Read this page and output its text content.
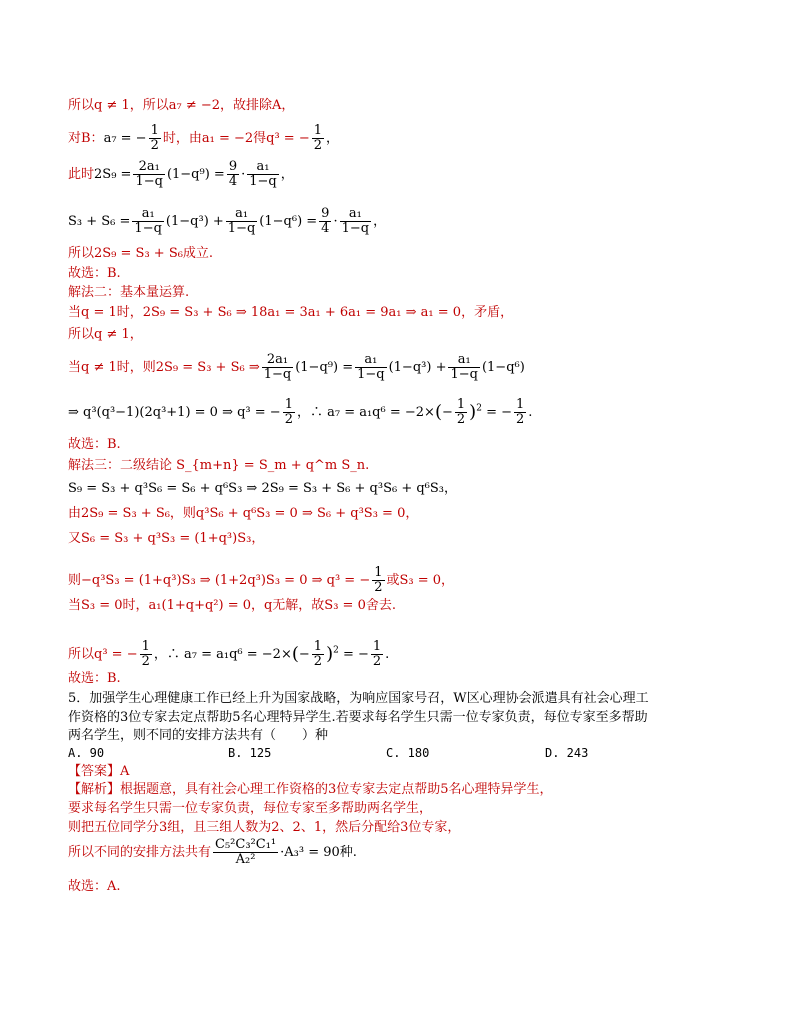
所以q ≠ 1，所以a₇ ≠ −2，故排除A，
对B：a₇ = − $\frac{1}{2}$ 时，由a₁ = −2得q³ = − $\frac{1}{2}$ ，
此时$2S_9 = \frac{\text{2a₁}}{1-q} (1-q^9) = \frac{9}{4} \cdot \frac{\text{a₁}}{1-q}$ ，
$S_3 + S_6 = \frac{\text{a₁}}{1-q} (1-q^3) + \frac{\text{a₁}}{1-q} (1-q^6) = \frac{9}{4} \cdot \frac{\text{a₁}}{1-q}$ ，
所以2S₉ = S₃ + S₆成立.
故选：B.
解法二：基本量运算.
当q = 1时，2S₉ = S₃ + S₆ ⇒ 18a₁ = 3a₁ + 6a₁ = 9a₁ ⇒ a₁ = 0，矛盾，
所以q ≠ 1，
当q ≠ 1时，则2S₉ = S₃ + S₆ ⇒ $\frac{\text{2a₁}}{1-q} (1-q^9) = \frac{\text{a₁}}{1-q} (1-q^3) + \frac{\text{a₁}}{1-q} (1-q^6)$
⇒ q³(q³−1)(2q³+1) = 0 ⇒ q³ = − $\frac{1}{2}$ ，∴ $a_7 = a_1q^6 = -2\times(- \frac{1}{2} )^2$ = − $\frac{1}{2}$ .
故选：B.
解法三：二级结论 S_{m+n} = S_m + q^m S_n.
S₉ = S₃ + q³S₆ = S₆ + q⁶S₃ ⇒ 2S₉ = S₃ + S₆ + q³S₆ + q⁶S₃，
由2S₉ = S₃ + S₆，则q³S₆ + q⁶S₃ = 0 ⇒ S₆ + q³S₃ = 0，
又S₆ = S₃ + q³S₃ = (1+q³)S₃，
则−q³S₃ = (1+q³)S₃ ⇒ (1+2q³)S₃ = 0 ⇒ q³ = − $\frac{1}{2}$ 或S₃ = 0，
当S₃ = 0时，a₁(1+q+q²) = 0，q无解，故S₃ = 0舍去.
所以q³ = − $\frac{1}{2}$ ，∴ $a_7 = a_1q^6 = -2\times(- \frac{1}{2} )^2$ = − $\frac{1}{2}$ .
故选：B.
5．加强学生心理健康工作已经上升为国家战略，为响应国家号召，W区心理协会派遣具有社会心理工
作资格的3位专家去定点帮助5名心理特异学生.若要求每名学生只需一位专家负责，每位专家至多帮助
两名学生，则不同的安排方法共有（　　）种
A. 90	B. 125	C. 180	D. 243
【答案】A
【解析】根据题意，具有社会心理工作资格的3位专家去定点帮助5名心理特异学生，
要求每名学生只需一位专家负责，每位专家至多帮助两名学生，
则把五位同学分3组，且三组人数为2、2、1，然后分配给3位专家，
所以不同的安排方法共有 $\frac{\text{C₅²C₃²C₁¹}}{\text{A₂²}} \cdot A_3^3 = 90$种.
故选：A.
